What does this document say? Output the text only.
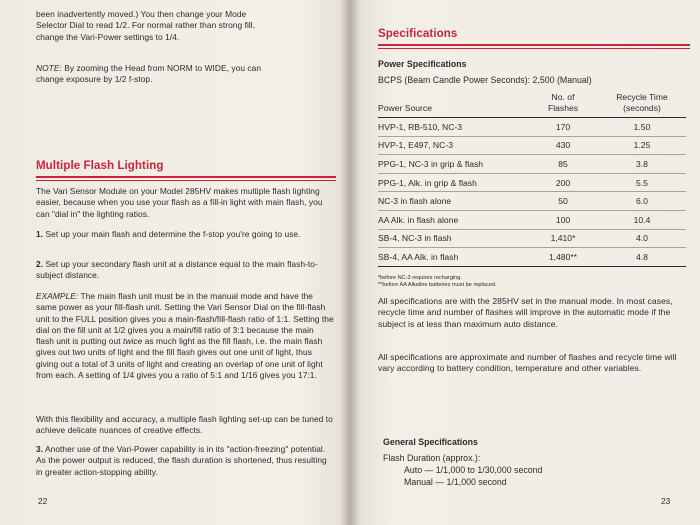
been inadvertently moved.) You then change your Mode
Selector Dial to read 1/2. For normal rather than strong fill,
change the Vari-Power settings to 1/4.
NOTE: By zooming the Head from NORM to WIDE, you can
change exposure by 1/2 f-stop.
Multiple Flash Lighting
The Vari Sensor Module on your Model 285HV makes multiple flash lighting easier, because when you use your flash as a fill-in light with main flash, you can "dial in" the lighting ratios.
1. Set up your main flash and determine the f-stop you're going to use.
2. Set up your secondary flash unit at a distance equal to the main flash-to-subject distance.
EXAMPLE: The main flash unit must be in the manual mode and have the same power as your fill-flash unit. Setting the Vari Sensor Dial on the fill-flash unit to the FULL position gives you a main-flash/fill-flash ratio of 1:1. Setting the dial on the fill unit at 1/2 gives you a main/fill ratio of 3:1 because the main flash unit is putting out twice as much light as the fill flash, i.e. the main flash gives out two units of light and the fill flash gives out one unit of light, thus giving out a total of 3 units of light and creating an overlap of one unit of light from each. A setting of 1/4 gives you a ratio of 5:1 and 1/16 gives you 17:1.
With this flexibility and accuracy, a multiple flash lighting set-up can be tuned to achieve delicate nuances of creative effects.
3. Another use of the Vari-Power capability is in its "action-freezing" potential. As the power output is reduced, the flash duration is shortened, thus resulting in greater action-stopping ability.
22
Specifications
Power Specifications
BCPS (Beam Candle Power Seconds): 2,500 (Manual)
Power Source	No. of Flashes	Recycle Time (seconds)
HVP-1, RB-510, NC-3	170	1.50
HVP-1, E497, NC-3	430	1.25
PPG-1, NC-3 in grip & flash	85	3.8
PPG-1, Alk. in grip & flash	200	5.5
NC-3 in flash alone	50	6.0
AA Alk. in flash alone	100	10.4
SB-4, NC-3 in flash	1,410*	4.0
SB-4, AA Alk. in flash	1,480**	4.8
*before NC-3 requires recharging.
**before AA Alkaline batteries must be replaced.
All specifications are with the 285HV set in the manual mode. In most cases, recycle time and number of flashes will improve in the automatic mode if the subject is at less than maximum auto distance.
All specifications are approximate and number of flashes and recycle time will vary according to battery condition, temperature and other variables.
General Specifications
Flash Duration (approx.):
Auto — 1/1,000 to 1/30,000 second
Manual — 1/1,000 second
23
